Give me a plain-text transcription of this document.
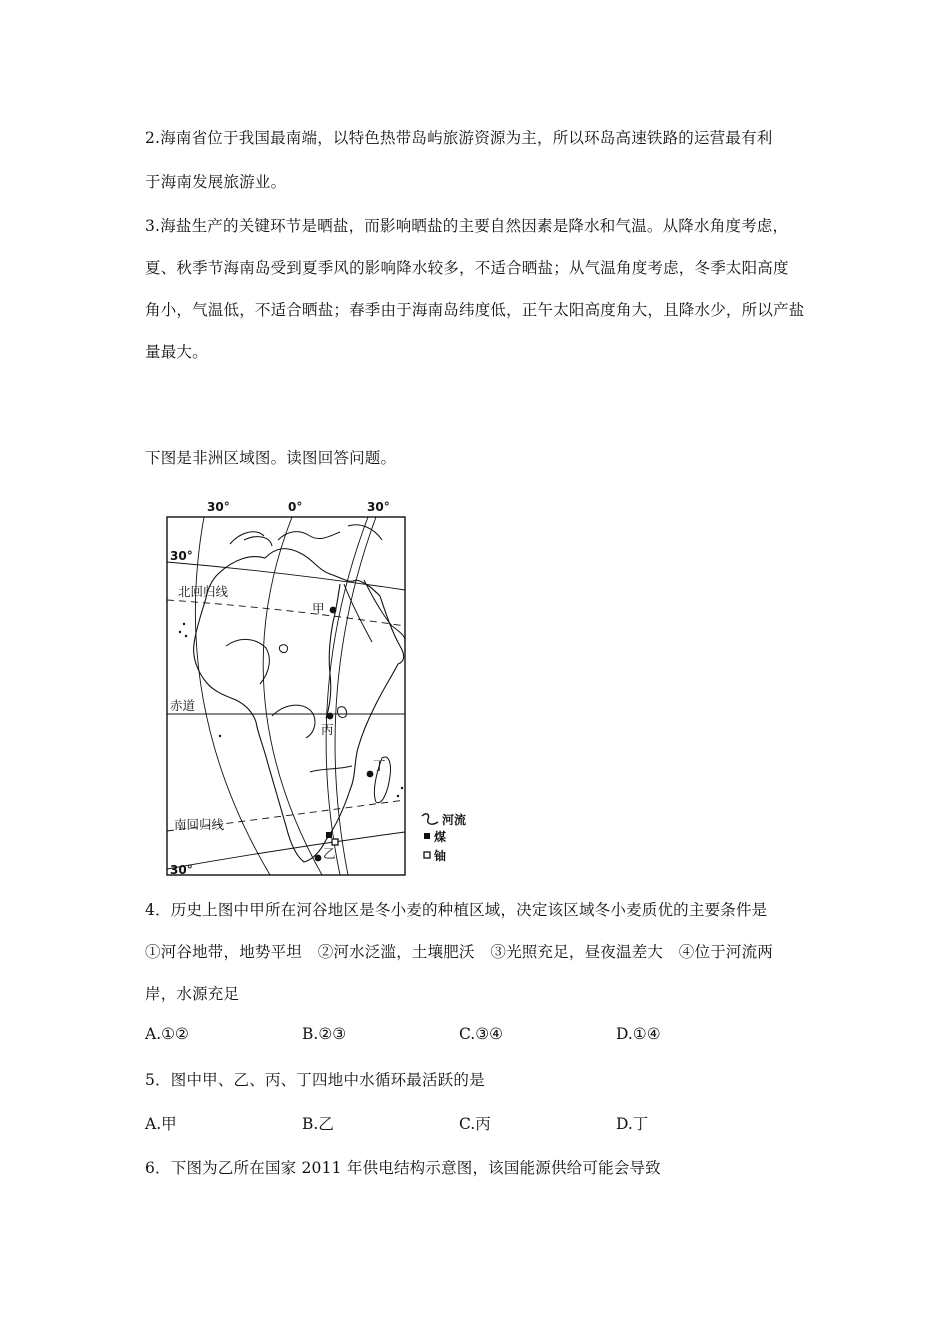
2.海南省位于我国最南端，以特色热带岛屿旅游资源为主，所以环岛高速铁路的运营最有利
于海南发展旅游业。
3.海盐生产的关键环节是晒盐，而影响晒盐的主要自然因素是降水和气温。从降水角度考虑，
夏、秋季节海南岛受到夏季风的影响降水较多，不适合晒盐；从气温角度考虑，冬季太阳高度
角小，气温低，不适合晒盐；春季由于海南岛纬度低，正午太阳高度角大，且降水少，所以产盐
量最大。
下图是非洲区域图。读图回答问题。
30°	0°	30°
30°
30°
北回归线
赤道
南回归线
甲
丙
丁
乙
河流
煤
铀
4．历史上图中甲所在河谷地区是冬小麦的种植区域，决定该区域冬小麦质优的主要条件是
①河谷地带，地势平坦　②河水泛滥，土壤肥沃　③光照充足，昼夜温差大　④位于河流两
岸，水源充足
A.①②	B.②③	C.③④	D.①④
5．图中甲、乙、丙、丁四地中水循环最活跃的是
A.甲	B.乙	C.丙	D.丁
6．下图为乙所在国家 2011 年供电结构示意图，该国能源供给可能会导致
